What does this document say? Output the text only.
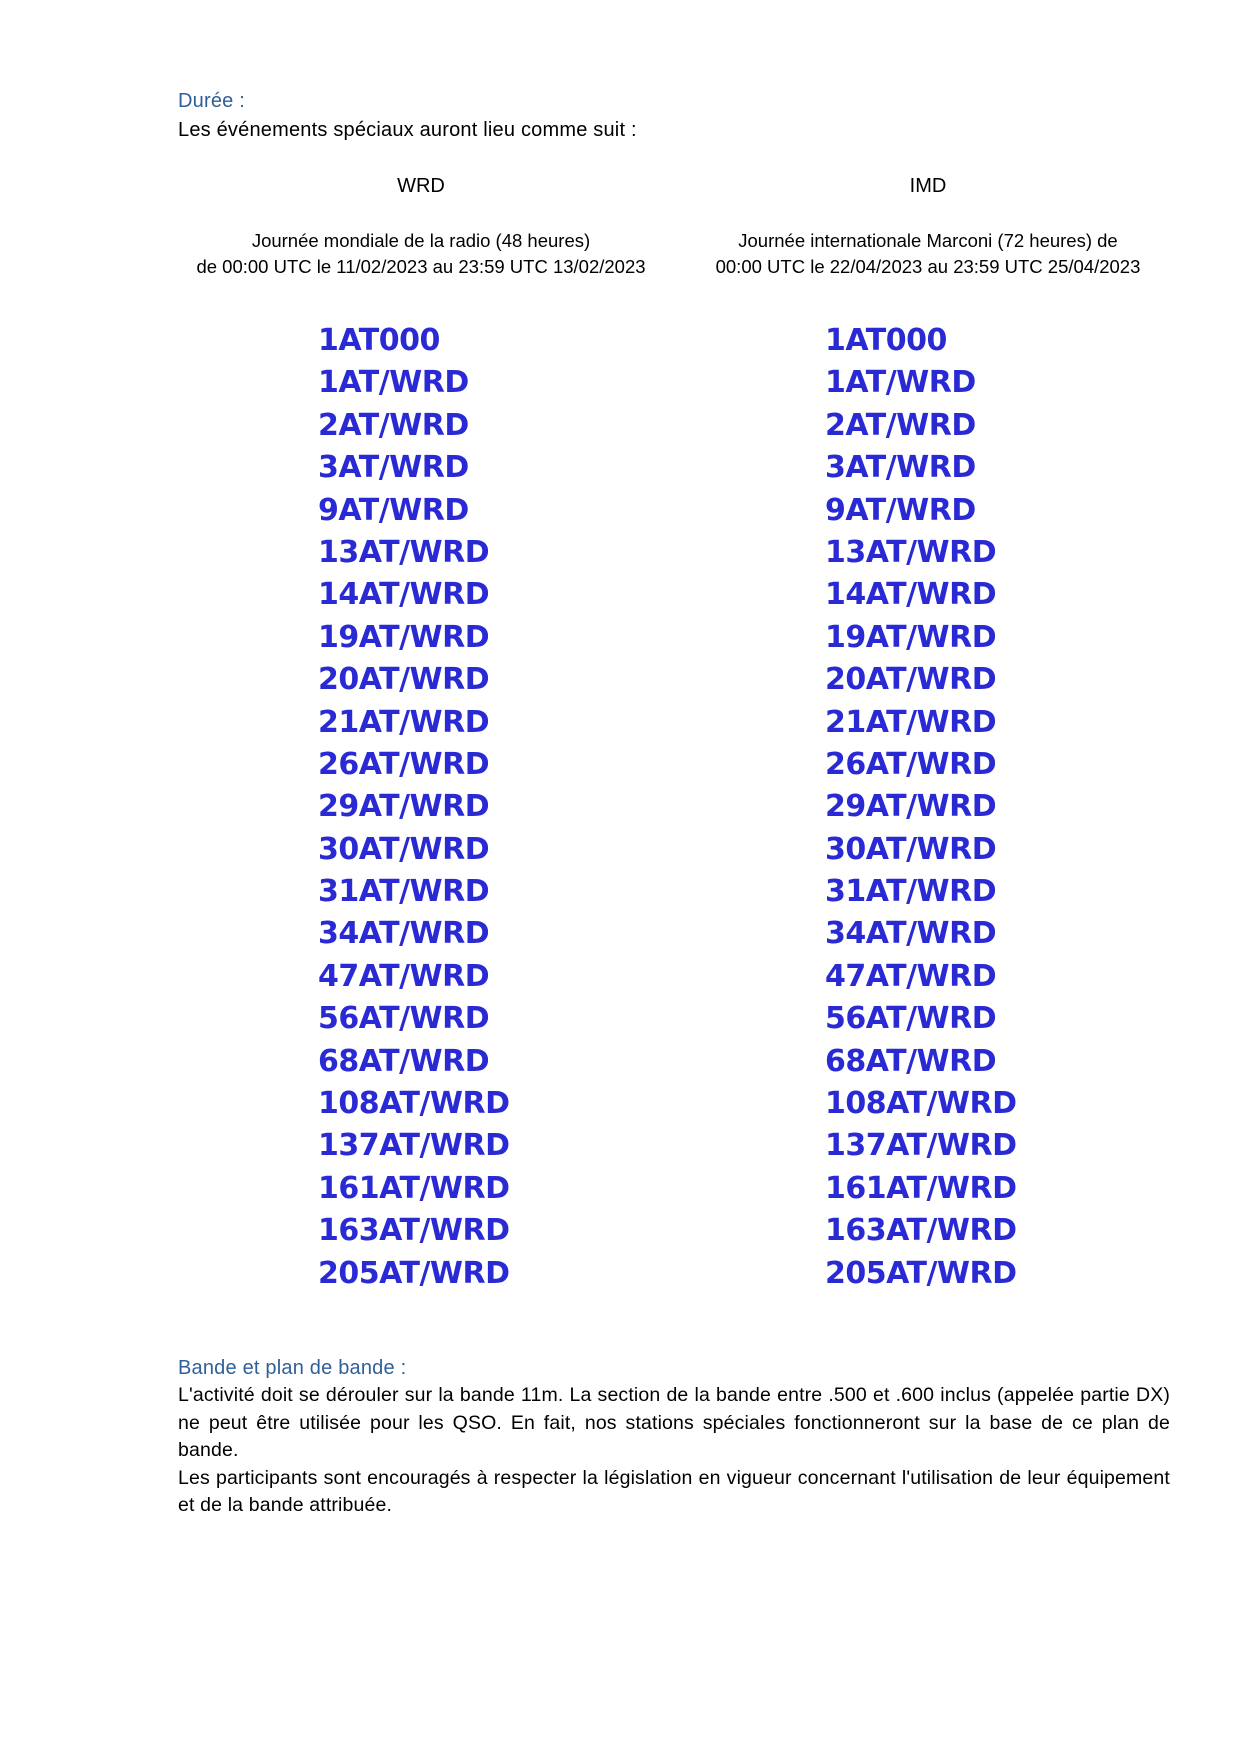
Durée :
Les événements spéciaux auront lieu comme suit :
WRD
Journée mondiale de la radio (48 heures)
de 00:00 UTC le 11/02/2023 au 23:59 UTC 13/02/2023
1AT000
1AT/WRD
2AT/WRD
3AT/WRD
9AT/WRD
13AT/WRD
14AT/WRD
19AT/WRD
20AT/WRD
21AT/WRD
26AT/WRD
29AT/WRD
30AT/WRD
31AT/WRD
34AT/WRD
47AT/WRD
56AT/WRD
68AT/WRD
108AT/WRD
137AT/WRD
161AT/WRD
163AT/WRD
205AT/WRD
IMD
Journée internationale Marconi (72 heures) de
00:00 UTC le 22/04/2023 au 23:59 UTC 25/04/2023
1AT000
1AT/WRD
2AT/WRD
3AT/WRD
9AT/WRD
13AT/WRD
14AT/WRD
19AT/WRD
20AT/WRD
21AT/WRD
26AT/WRD
29AT/WRD
30AT/WRD
31AT/WRD
34AT/WRD
47AT/WRD
56AT/WRD
68AT/WRD
108AT/WRD
137AT/WRD
161AT/WRD
163AT/WRD
205AT/WRD
Bande et plan de bande :

L'activité doit se dérouler sur la bande 11m. La section de la bande entre .500 et .600 inclus (appelée partie DX) ne peut être utilisée pour les QSO. En fait, nos stations spéciales fonctionneront sur la base de ce plan de bande.

Les participants sont encouragés à respecter la législation en vigueur concernant l'utilisation de leur équipement et de la bande attribuée.
